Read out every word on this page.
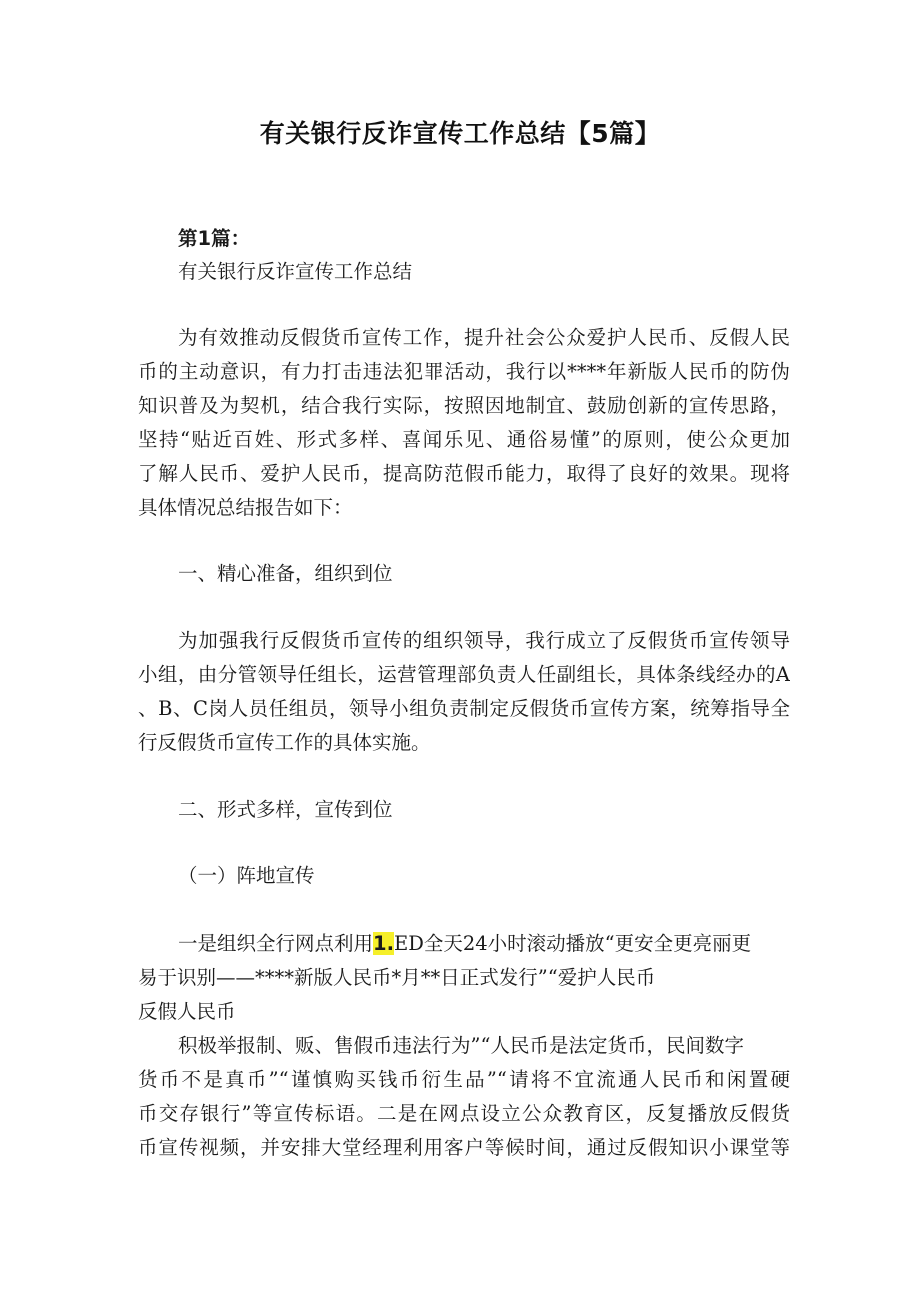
有关银行反诈宣传工作总结【5篇】
第1篇：
有关银行反诈宣传工作总结
为有效推动反假货币宣传工作，提升社会公众爱护人民币、反假人民
币的主动意识，有力打击违法犯罪活动，我行以****年新版人民币的防伪
知识普及为契机，结合我行实际，按照因地制宜、鼓励创新的宣传思路，
坚持“贴近百姓、形式多样、喜闻乐见、通俗易懂”的原则，使公众更加
了解人民币、爱护人民币，提高防范假币能力，取得了良好的效果。现将
具体情况总结报告如下：
一、精心准备，组织到位
为加强我行反假货币宣传的组织领导，我行成立了反假货币宣传领导
小组，由分管领导任组长，运营管理部负责人任副组长，具体条线经办的A
、B、C岗人员任组员，领导小组负责制定反假货币宣传方案，统筹指导全
行反假货币宣传工作的具体实施。
二、形式多样，宣传到位
（一）阵地宣传
一是组织全行网点利用1.ED全天24小时滚动播放“更安全更亮丽更
易于识别——****新版人民币*月**日正式发行”“爱护人民币
反假人民币
积极举报制、贩、售假币违法行为”“人民币是法定货币，民间数字
货币不是真币”“谨慎购买钱币衍生品”“请将不宜流通人民币和闲置硬
币交存银行”等宣传标语。二是在网点设立公众教育区，反复播放反假货
币宣传视频，并安排大堂经理利用客户等候时间，通过反假知识小课堂等
